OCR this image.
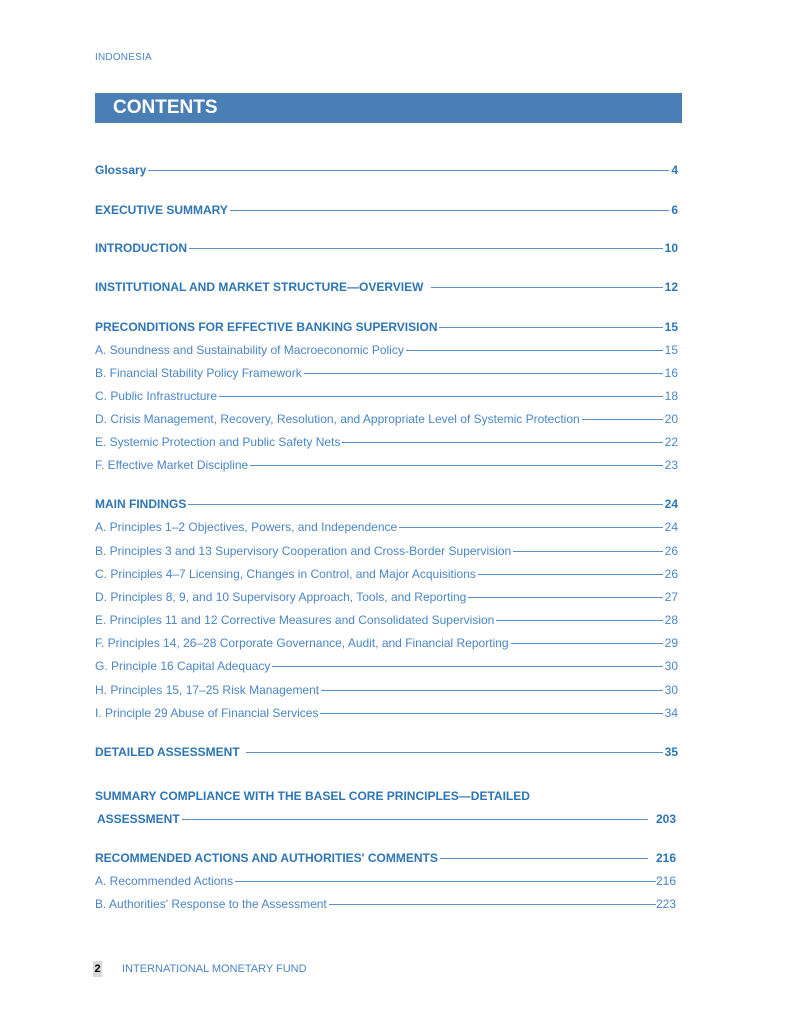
INDONESIA
CONTENTS
Glossary	4
EXECUTIVE SUMMARY	6
INTRODUCTION	10
INSTITUTIONAL AND MARKET STRUCTURE—OVERVIEW	12
PRECONDITIONS FOR EFFECTIVE BANKING SUPERVISION	15
A. Soundness and Sustainability of Macroeconomic Policy	15
B. Financial Stability Policy Framework	16
C. Public Infrastructure	18
D. Crisis Management, Recovery, Resolution, and Appropriate Level of Systemic Protection	20
E. Systemic Protection and Public Safety Nets	22
F. Effective Market Discipline	23
MAIN FINDINGS	24
A. Principles 1–2 Objectives, Powers, and Independence	24
B. Principles 3 and 13 Supervisory Cooperation and Cross-Border Supervision	26
C. Principles 4–7 Licensing, Changes in Control, and Major Acquisitions	26
D. Principles 8, 9, and 10 Supervisory Approach, Tools, and Reporting	27
E. Principles 11 and 12 Corrective Measures and Consolidated Supervision	28
F. Principles 14, 26–28 Corporate Governance, Audit, and Financial Reporting	29
G. Principle 16 Capital Adequacy	30
H. Principles 15, 17–25 Risk Management	30
I. Principle 29 Abuse of Financial Services	34
DETAILED ASSESSMENT	35
SUMMARY COMPLIANCE WITH THE BASEL CORE PRINCIPLES—DETAILED
ASSESSMENT	203
RECOMMENDED ACTIONS AND AUTHORITIES' COMMENTS	216
A. Recommended Actions	216
B. Authorities' Response to the Assessment	223
2 INTERNATIONAL MONETARY FUND
